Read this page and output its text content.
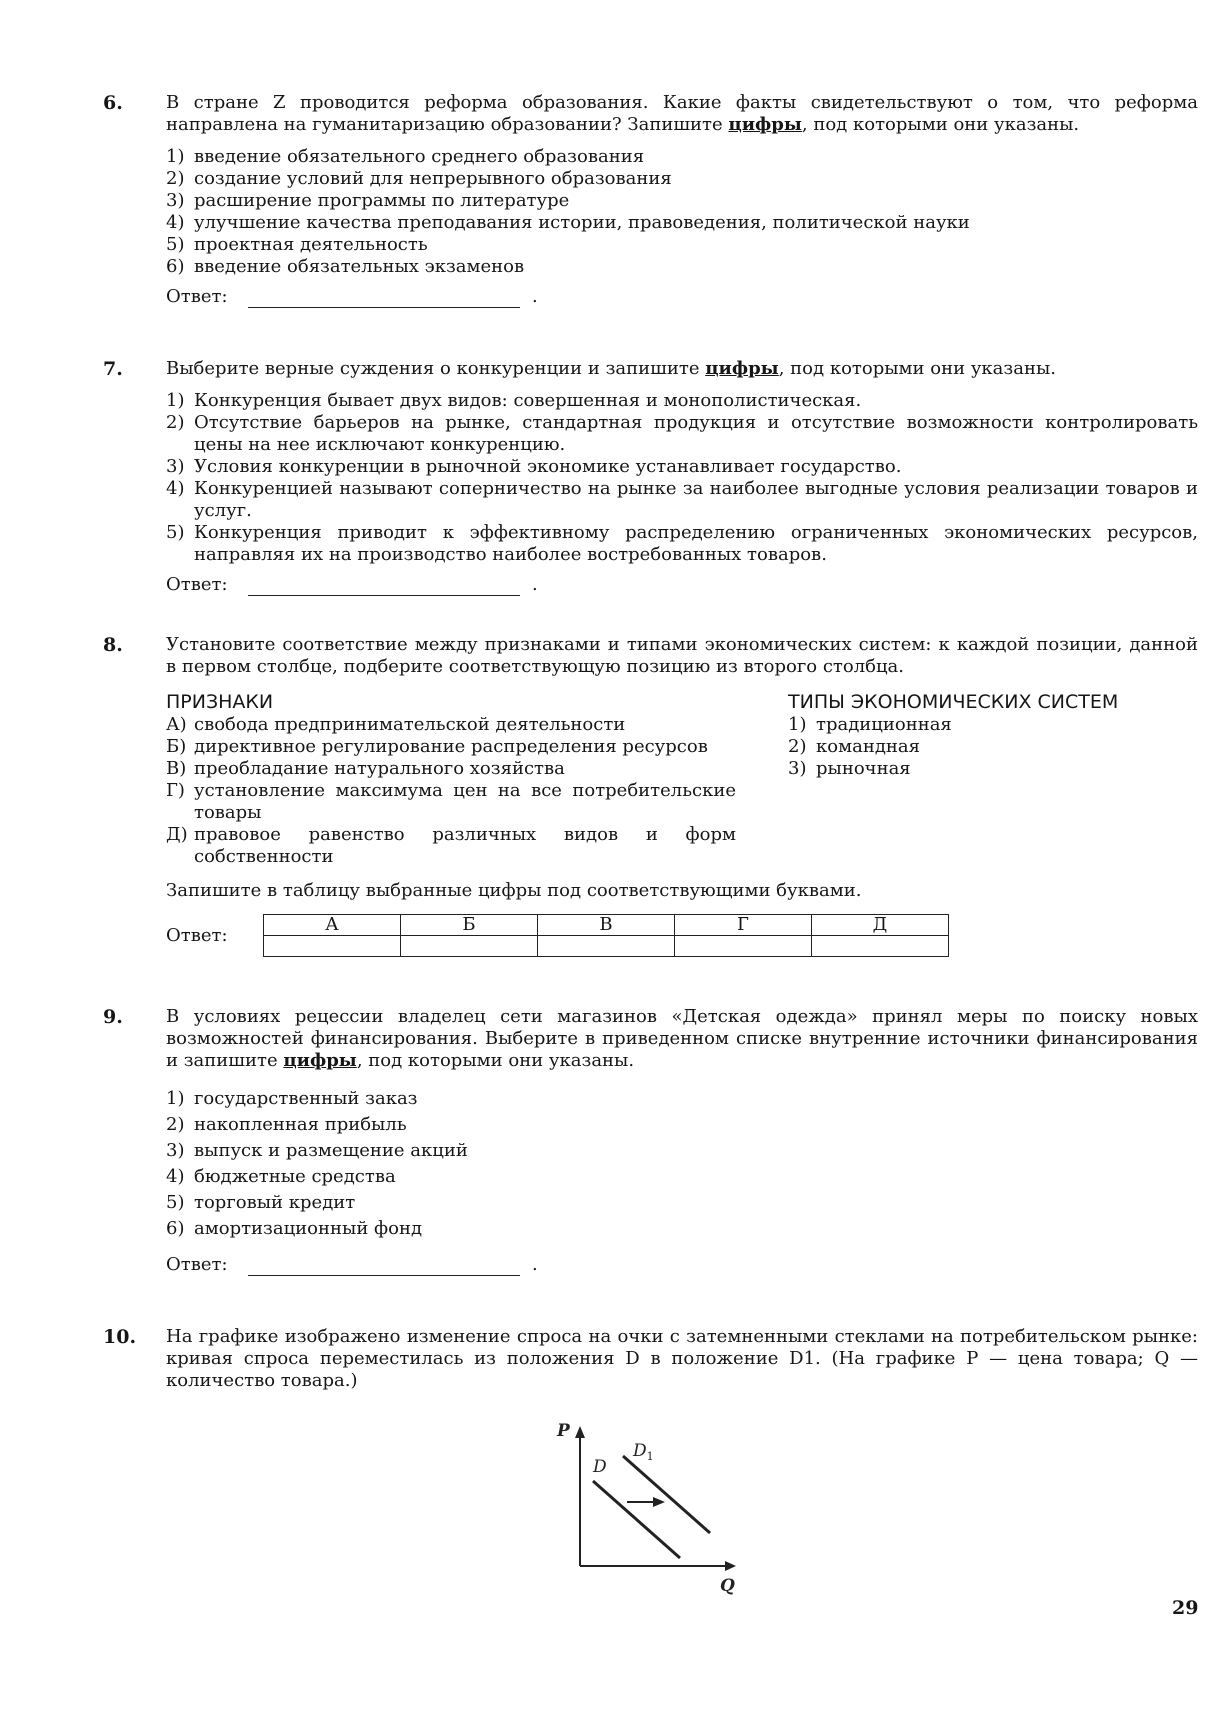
6. В стране Z проводится реформа образования. Какие факты свидетельствуют о том, что реформа направлена на гуманитаризацию образовании? Запишите цифры, под которыми они указаны.

1) введение обязательного среднего образования
2) создание условий для непрерывного образования
3) расширение программы по литературе
4) улучшение качества преподавания истории, правоведения, политической науки
5) проектная деятельность
6) введение обязательных экзаменов
Ответ:	.
7. Выберите верные суждения о конкуренции и запишите цифры, под которыми они указаны.

1) Конкуренция бывает двух видов: совершенная и монополистическая.
2) Отсутствие барьеров на рынке, стандартная продукция и отсутствие возможности контролировать цены на нее исключают конкуренцию.
3) Условия конкуренции в рыночной экономике устанавливает государство.
4) Конкуренцией называют соперничество на рынке за наиболее выгодные условия реализации товаров и услуг.
5) Конкуренция приводит к эффективному распределению ограниченных экономических ресурсов, направляя их на производство наиболее востребованных товаров.
Ответ:	.
8. Установите соответствие между признаками и типами экономических систем: к каждой позиции, данной в первом столбце, подберите соответствующую позицию из второго столбца.

ПРИЗНАКИ
А) свобода предпринимательской деятельности
Б) директивное регулирование распределения ресурсов
В) преобладание натурального хозяйства
Г) установление максимума цен на все потребительские товары
Д) правовое равенство различных видов и форм собственности
ТИПЫ ЭКОНОМИЧЕСКИХ СИСТЕМ
1) традиционная
2) командная
3) рыночная
Запишите в таблицу выбранные цифры под соответствующими буквами.
Ответ:	А	Б	В	Г	Д

9. В условиях рецессии владелец сети магазинов «Детская одежда» принял меры по поиску новых возможностей финансирования. Выберите в приведенном списке внутренние источники финансирования и запишите цифры, под которыми они указаны.

1) государственный заказ
2) накопленная прибыль
3) выпуск и размещение акций
4) бюджетные средства
5) торговый кредит
6) амортизационный фонд
Ответ:	.
10. На графике изображено изменение спроса на очки с затемненными стеклами на потребительском рынке: кривая спроса переместилась из положения D в положение D1. (На графике P — цена товара; Q — количество товара.)

P
Q
D
$D_1$
29
